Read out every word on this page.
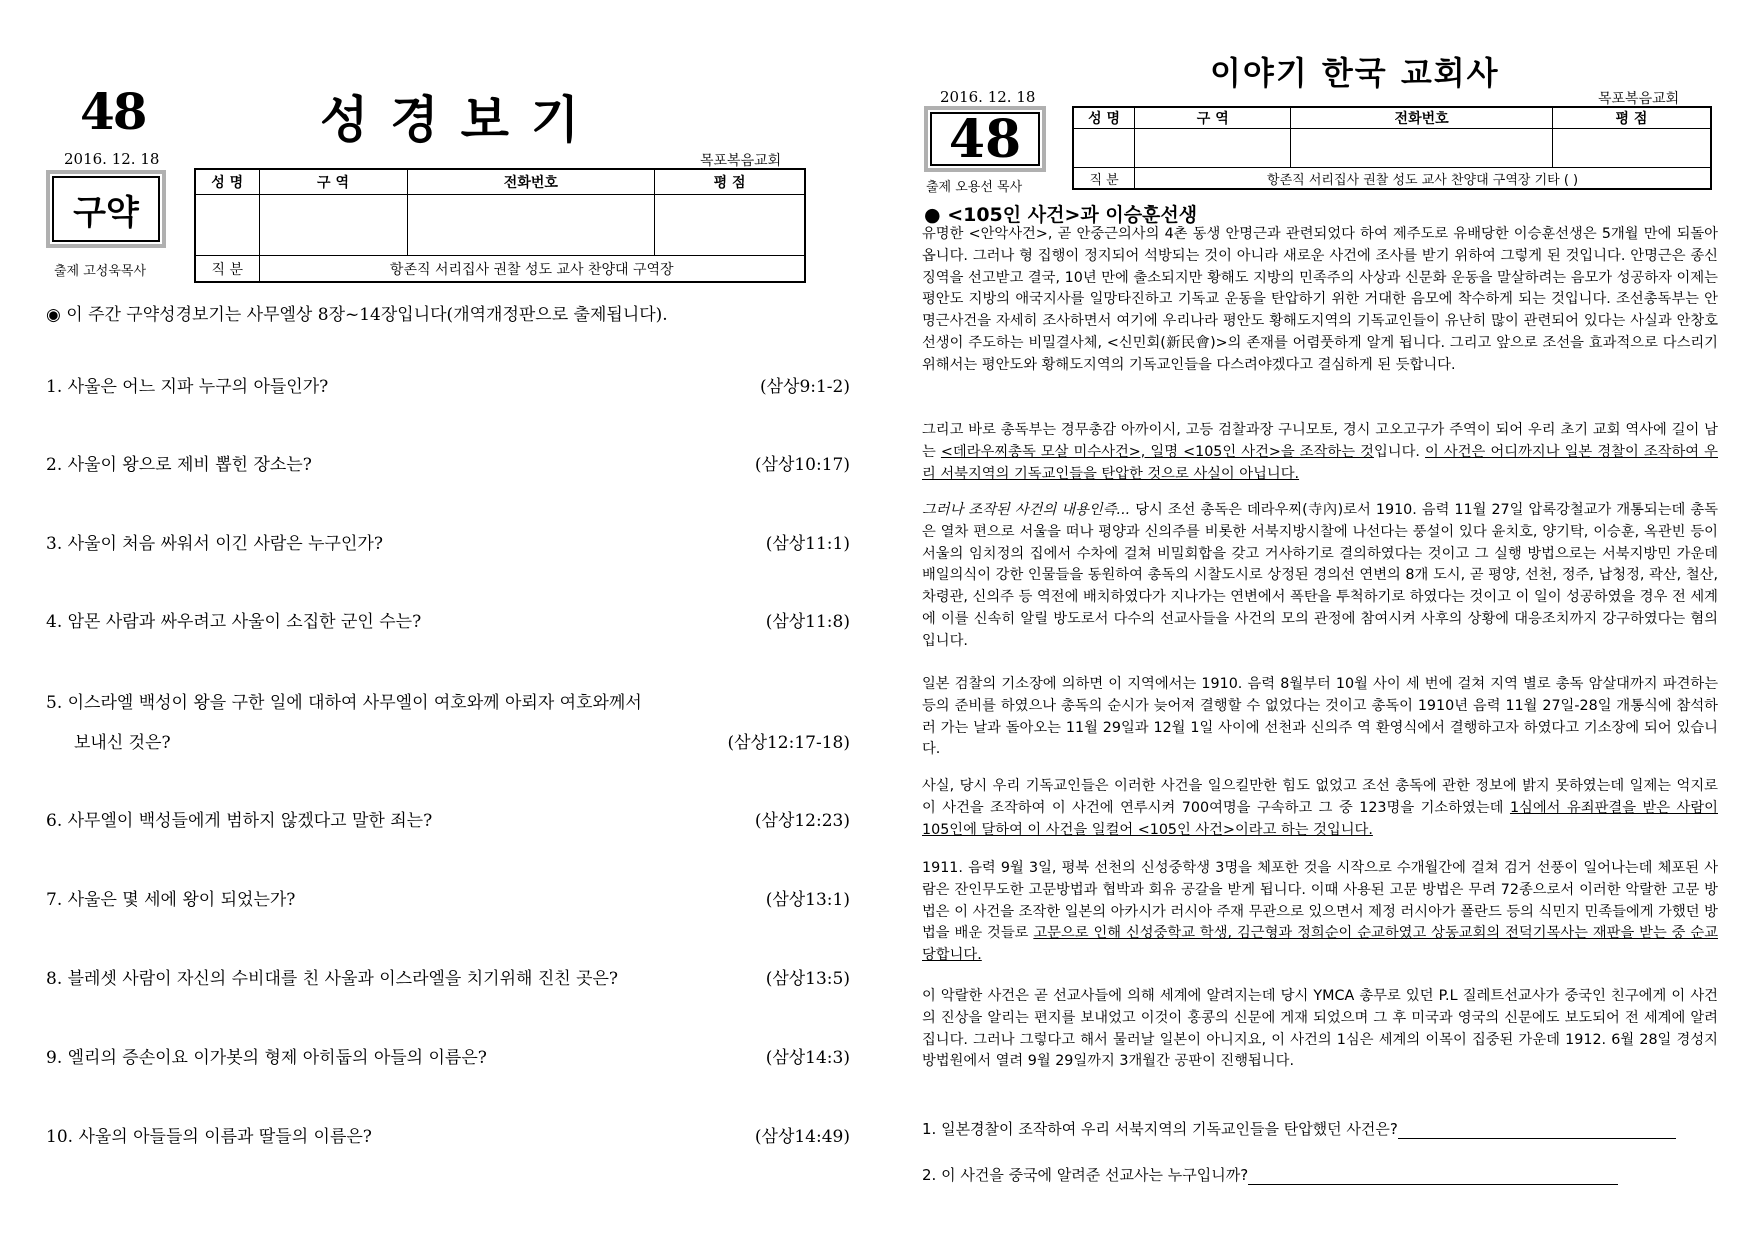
48	성경보기
2016. 12. 18	목포복음교회
구약
출제 고성욱목사
성 명	구 역	전화번호	평 점

직 분	항존직 서리집사 권찰 성도 교사 찬양대 구역장		
◉ 이 주간 구약성경보기는 사무엘상 8장~14장입니다(개역개정판으로 출제됩니다).
1. 사울은 어느 지파 누구의 아들인가?	(삼상9:1-2)
2. 사울이 왕으로 제비 뽑힌 장소는?	(삼상10:17)
3. 사울이 처음 싸워서 이긴 사람은 누구인가?	(삼상11:1)
4. 암몬 사람과 싸우려고 사울이 소집한 군인 수는?	(삼상11:8)
5. 이스라엘 백성이 왕을 구한 일에 대하여 사무엘이 여호와께 아뢰자 여호와께서
보내신 것은?	(삼상12:17-18)
6. 사무엘이 백성들에게 범하지 않겠다고 말한 죄는?	(삼상12:23)
7. 사울은 몇 세에 왕이 되었는가?	(삼상13:1)
8. 블레셋 사람이 자신의 수비대를 친 사울과 이스라엘을 치기위해 진친 곳은?	(삼상13:5)
9. 엘리의 증손이요 이가봇의 형제 아히둡의 아들의 이름은?	(삼상14:3)
10. 사울의 아들들의 이름과 딸들의 이름은?	(삼상14:49)
이야기 한국 교회사
2016. 12. 18	목포복음교회
48
출제 오용선 목사
성 명	구 역	전화번호	평 점

직 분	항존직 서리집사 권찰 성도 교사 찬양대 구역장 기타 ( )		
● <105인 사건>과 이승훈선생
유명한 <안악사건>, 곧 안중근의사의 4촌 동생 안명근과 관련되었다 하여 제주도로 유배당한 이승훈선생은 5개월 만에 되돌아옵니다. 그러나 형 집행이 정지되어 석방되는 것이 아니라 새로운 사건에 조사를 받기 위하여 그렇게 된 것입니다. 안명근은 종신징역을 선고받고 결국, 10년 만에 출소되지만 황해도 지방의 민족주의 사상과 신문화 운동을 말살하려는 음모가 성공하자 이제는 평안도 지방의 애국지사를 일망타진하고 기독교 운동을 탄압하기 위한 거대한 음모에 착수하게 되는 것입니다. 조선총독부는 안명근사건을 자세히 조사하면서 여기에 우리나라 평안도 황해도지역의 기독교인들이 유난히 많이 관련되어 있다는 사실과 안창호선생이 주도하는 비밀결사체, <신민회(新民會)>의 존재를 어렴풋하게 알게 됩니다. 그리고 앞으로 조선을 효과적으로 다스리기 위해서는 평안도와 황해도지역의 기독교인들을 다스려야겠다고 결심하게 된 듯합니다.
그리고 바로 총독부는 경무총감 아까이시, 고등 검찰과장 구니모토, 경시 고오고구가 주역이 되어 우리 초기 교회 역사에 길이 남는 <데라우찌총독 모살 미수사건>, 일명 <105인 사건>을 조작하는 것입니다. 이 사건은 어디까지나 일본 경찰이 조작하여 우리 서북지역의 기독교인들을 탄압한 것으로 사실이 아닙니다.
그러나 조작된 사건의 내용인즉... 당시 조선 총독은 데라우찌(寺內)로서 1910. 음력 11월 27일 압록강철교가 개통되는데 총독은 열차 편으로 서울을 떠나 평양과 신의주를 비롯한 서북지방시찰에 나선다는 풍설이 있다 윤치호, 양기탁, 이승훈, 옥관빈 등이 서울의 임치정의 집에서 수차에 걸쳐 비밀회합을 갖고 거사하기로 결의하였다는 것이고 그 실행 방법으로는 서북지방민 가운데 배일의식이 강한 인물들을 동원하여 총독의 시찰도시로 상정된 경의선 연변의 8개 도시, 곧 평양, 선천, 정주, 납청정, 곽산, 철산, 차령관, 신의주 등 역전에 배치하였다가 지나가는 연변에서 폭탄을 투척하기로 하였다는 것이고 이 일이 성공하였을 경우 전 세계에 이를 신속히 알릴 방도로서 다수의 선교사들을 사건의 모의 관정에 참여시켜 사후의 상황에 대응조치까지 강구하였다는 혐의입니다.
일본 검찰의 기소장에 의하면 이 지역에서는 1910. 음력 8월부터 10월 사이 세 번에 걸쳐 지역 별로 총독 암살대까지 파견하는 등의 준비를 하였으나 총독의 순시가 늦어져 결행할 수 없었다는 것이고 총독이 1910년 음력 11월 27일-28일 개통식에 참석하러 가는 날과 돌아오는 11월 29일과 12월 1일 사이에 선천과 신의주 역 환영식에서 결행하고자 하였다고 기소장에 되어 있습니다.
사실, 당시 우리 기독교인들은 이러한 사건을 일으킬만한 힘도 없었고 조선 총독에 관한 정보에 밝지 못하였는데 일제는 억지로 이 사건을 조작하여 이 사건에 연루시켜 700여명을 구속하고 그 중 123명을 기소하였는데 1심에서 유죄판결을 받은 사람이 105인에 달하여 이 사건을 일컬어 <105인 사건>이라고 하는 것입니다.
1911. 음력 9월 3일, 평북 선천의 신성중학생 3명을 체포한 것을 시작으로 수개월간에 걸쳐 검거 선풍이 일어나는데 체포된 사람은 잔인무도한 고문방법과 협박과 회유 공갈을 받게 됩니다. 이때 사용된 고문 방법은 무려 72종으로서 이러한 악랄한 고문 방법은 이 사건을 조작한 일본의 아카시가 러시아 주재 무관으로 있으면서 제정 러시아가 폴란드 등의 식민지 민족들에게 가했던 방법을 배운 것들로 고문으로 인해 신성중학교 학생, 김근형과 정희순이 순교하였고 상동교회의 전덕기목사는 재판을 받는 중 순교당합니다.
이 악랄한 사건은 곧 선교사들에 의해 세계에 알려지는데 당시 YMCA 총무로 있던 P.L 질레트선교사가 중국인 친구에게 이 사건의 진상을 알리는 편지를 보내었고 이것이 홍콩의 신문에 게재 되었으며 그 후 미국과 영국의 신문에도 보도되어 전 세계에 알려집니다. 그러나 그렇다고 해서 물러날 일본이 아니지요, 이 사건의 1심은 세계의 이목이 집중된 가운데 1912. 6월 28일 경성지방법원에서 열려 9월 29일까지 3개월간 공판이 진행됩니다.
1. 일본경찰이 조작하여 우리 서북지역의 기독교인들을 탄압했던 사건은?
2. 이 사건을 중국에 알려준 선교사는 누구입니까?
